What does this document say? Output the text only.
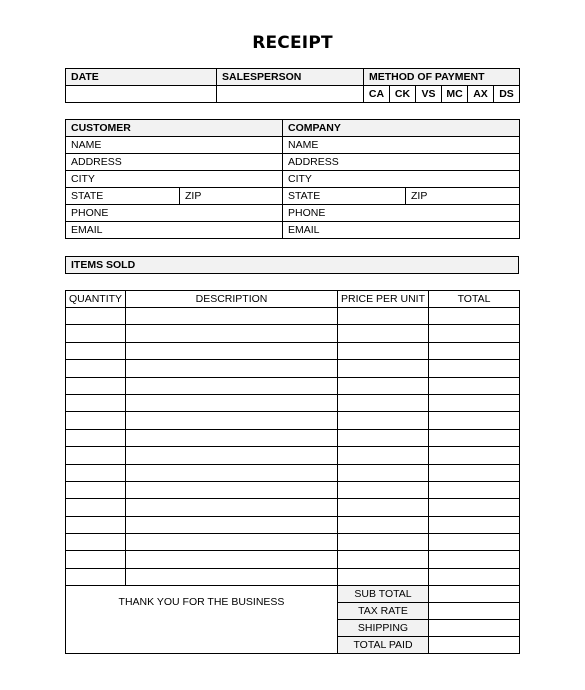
RECEIPT
DATE	SALESPERSON	METHOD OF PAYMENT					
		CA	CK	VS	MC	AX	DS
CUSTOMER		COMPANY	
NAME		NAME	
ADDRESS		ADDRESS	
CITY		CITY	
STATE	ZIP	STATE	ZIP
PHONE		PHONE	
EMAIL		EMAIL	
ITEMS SOLD
QUANTITY	DESCRIPTION	PRICE PER UNIT	TOTAL

THANK YOU FOR THE BUSINESS		SUB TOTAL	
		TAX RATE	
		SHIPPING	
		TOTAL PAID	
